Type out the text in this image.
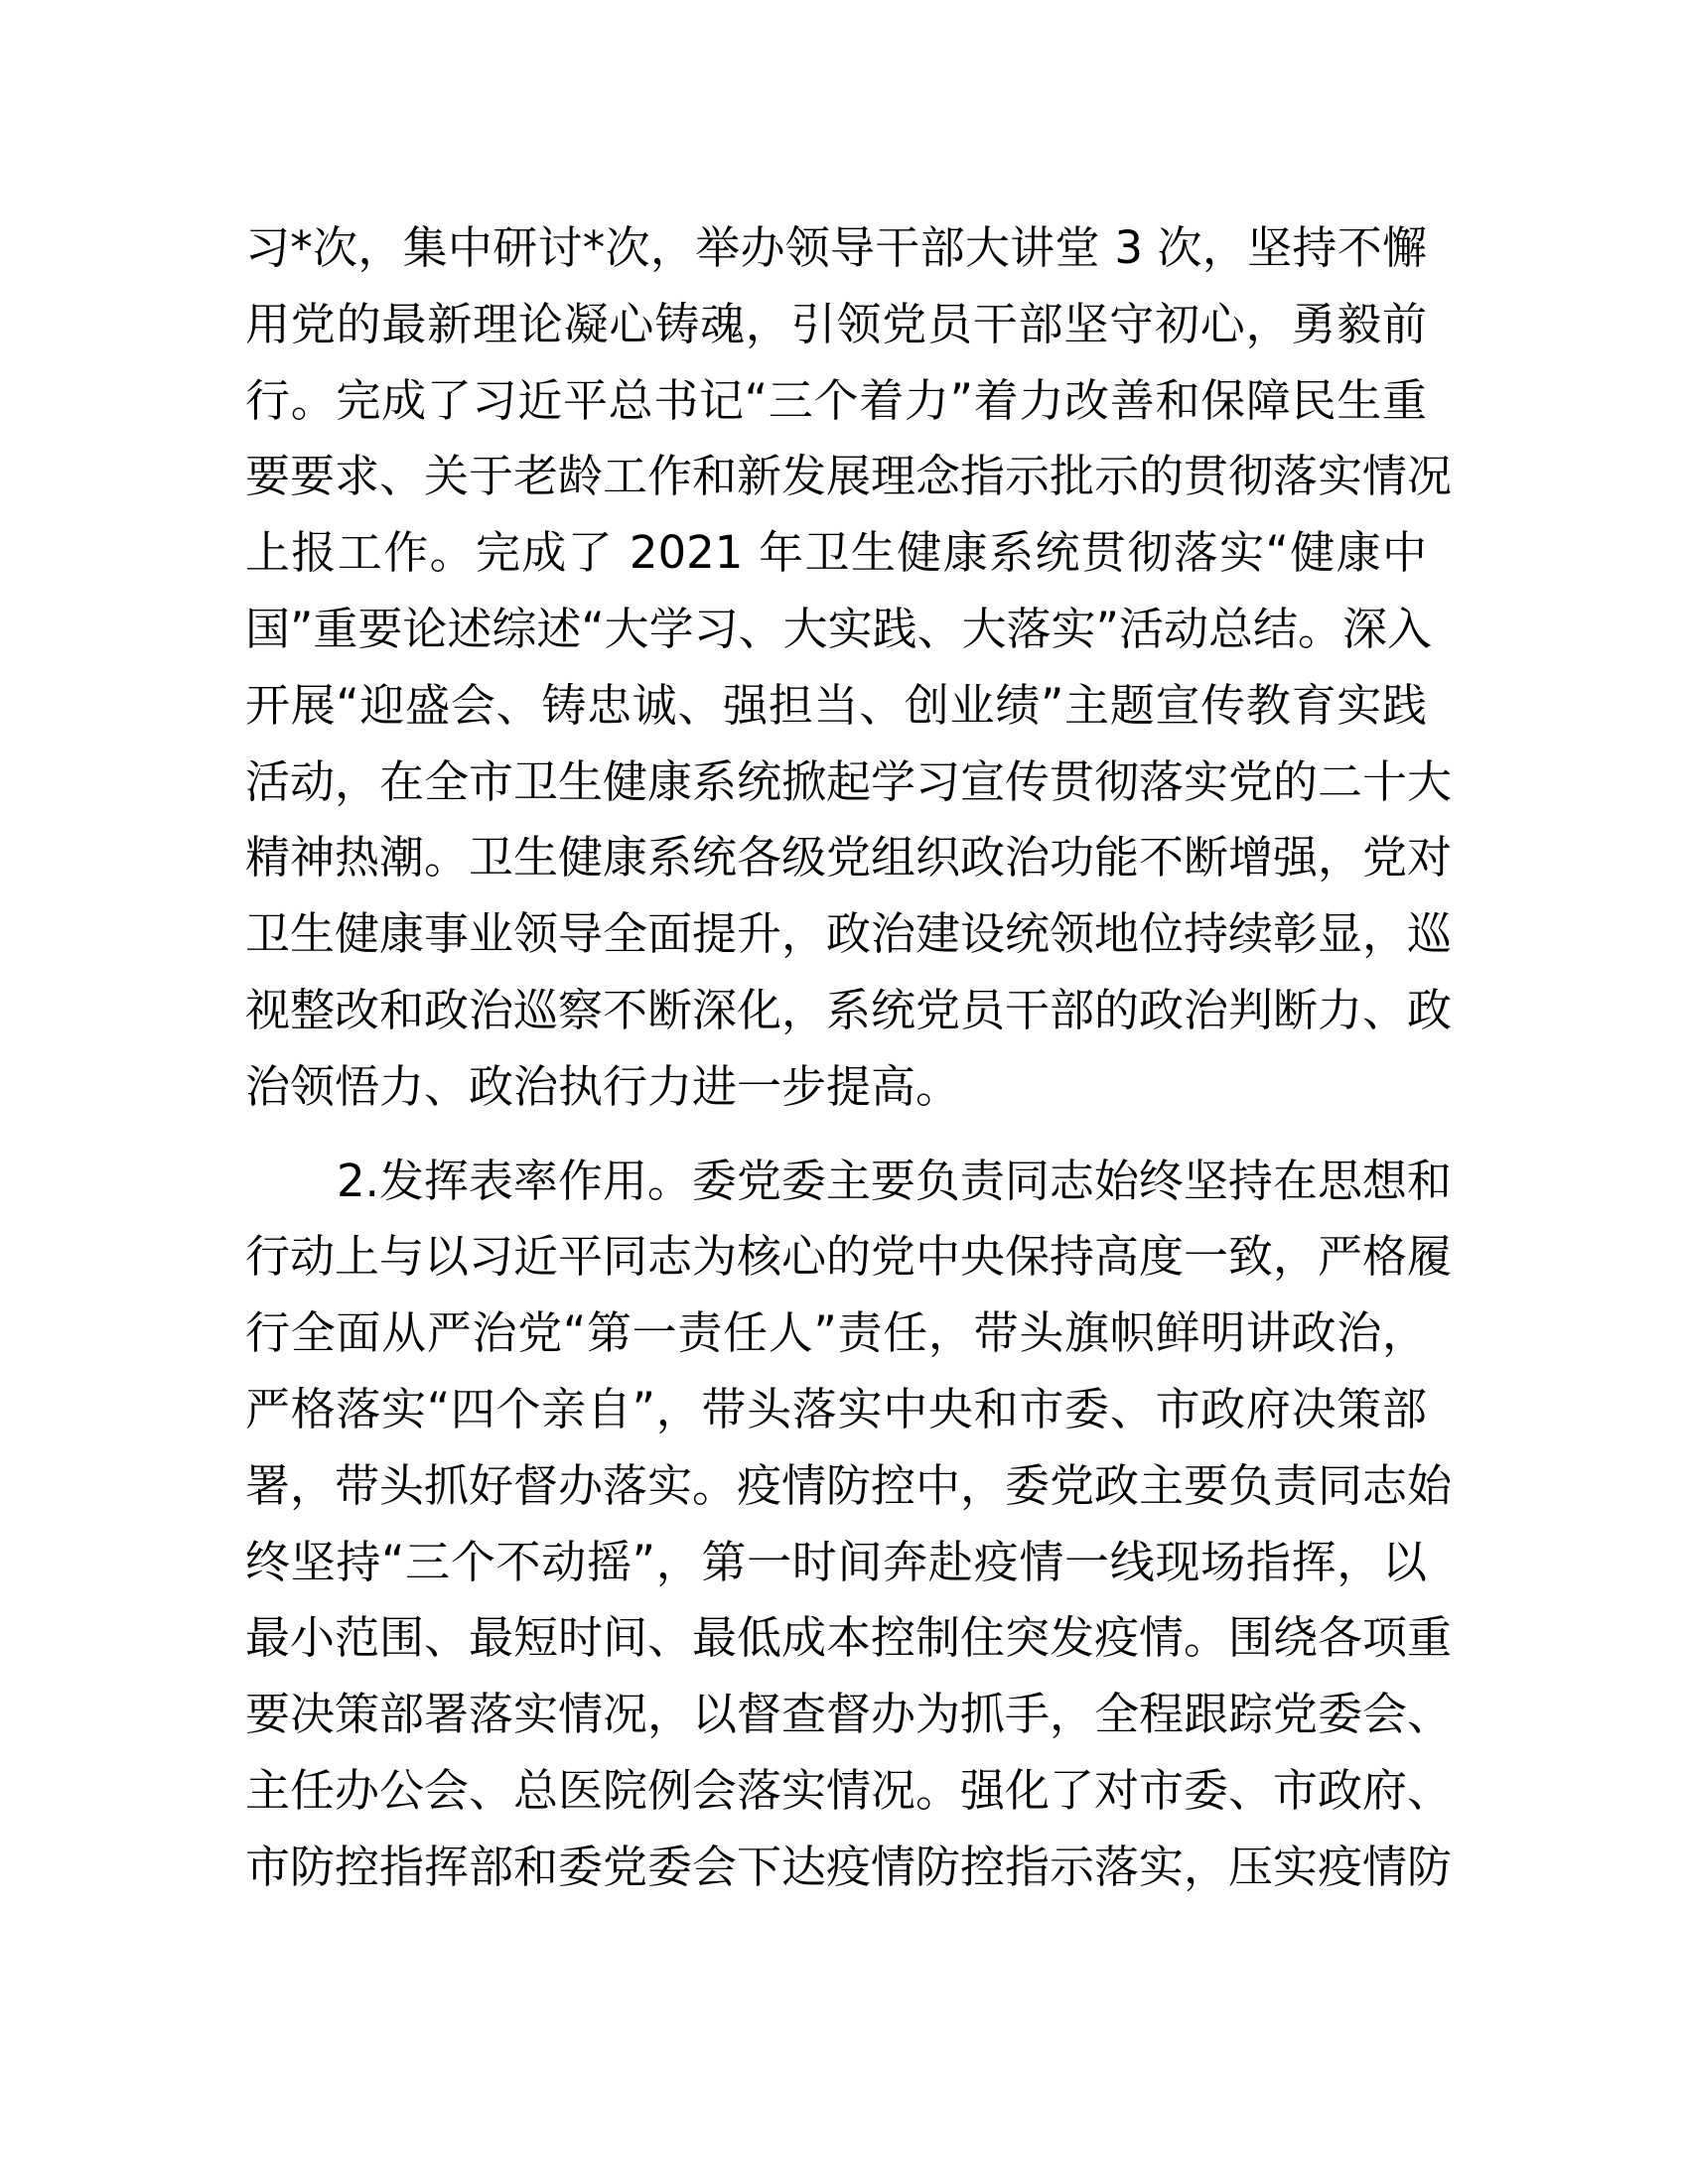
习*次，集中研讨*次，举办领导干部大讲堂 3 次，坚持不懈
用党的最新理论凝心铸魂，引领党员干部坚守初心，勇毅前
行。完成了习近平总书记“三个着力”着力改善和保障民生重
要要求、关于老龄工作和新发展理念指示批示的贯彻落实情况
上报工作。完成了 2021 年卫生健康系统贯彻落实“健康中
国”重要论述综述“大学习、大实践、大落实”活动总结。深入
开展“迎盛会、铸忠诚、强担当、创业绩”主题宣传教育实践
活动，在全市卫生健康系统掀起学习宣传贯彻落实党的二十大
精神热潮。卫生健康系统各级党组织政治功能不断增强，党对
卫生健康事业领导全面提升，政治建设统领地位持续彰显，巡
视整改和政治巡察不断深化，系统党员干部的政治判断力、政
治领悟力、政治执行力进一步提高。

2.发挥表率作用。委党委主要负责同志始终坚持在思想和
行动上与以习近平同志为核心的党中央保持高度一致，严格履
行全面从严治党“第一责任人”责任，带头旗帜鲜明讲政治，
严格落实“四个亲自”，带头落实中央和市委、市政府决策部
署，带头抓好督办落实。疫情防控中，委党政主要负责同志始
终坚持“三个不动摇”，第一时间奔赴疫情一线现场指挥，以
最小范围、最短时间、最低成本控制住突发疫情。围绕各项重
要决策部署落实情况，以督查督办为抓手，全程跟踪党委会、
主任办公会、总医院例会落实情况。强化了对市委、市政府、
市防控指挥部和委党委会下达疫情防控指示落实，压实疫情防
